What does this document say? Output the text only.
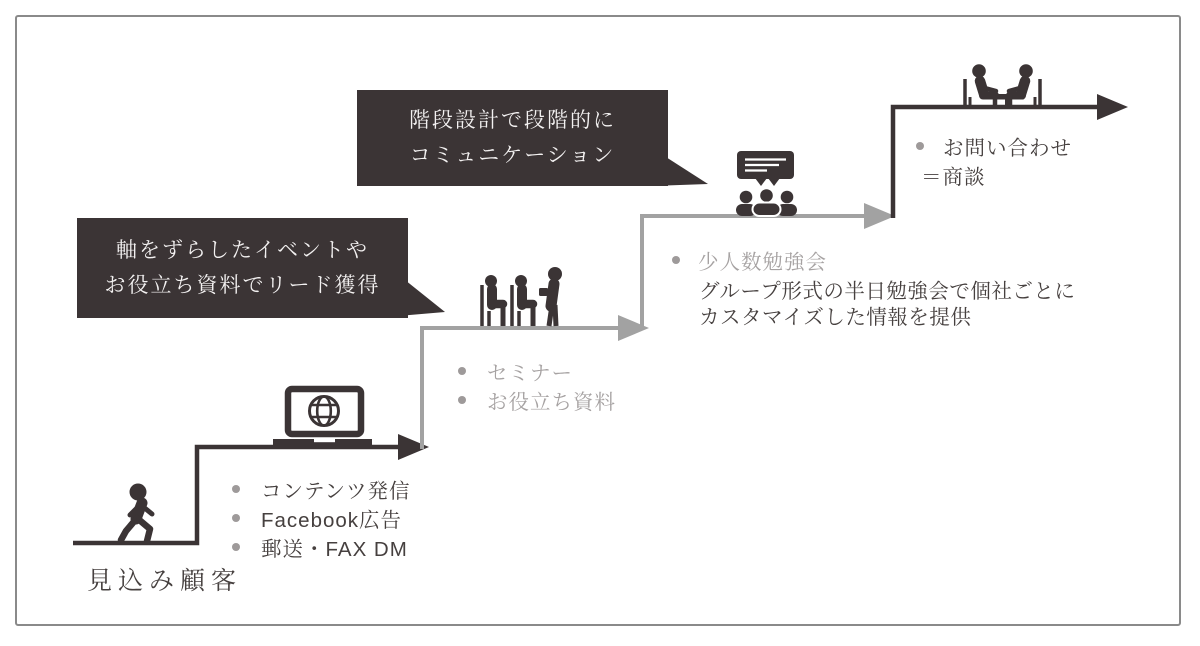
軸をずらしたイベントや
お役立ち資料でリード獲得
階段設計で段階的に
コミュニケーション
見込み顧客
コンテンツ発信
Facebook広告
郵送・FAX DM
セミナー
お役立ち資料
少人数勉強会
グループ形式の半日勉強会で個社ごとに
カスタマイズした情報を提供
お問い合わせ
＝商談
